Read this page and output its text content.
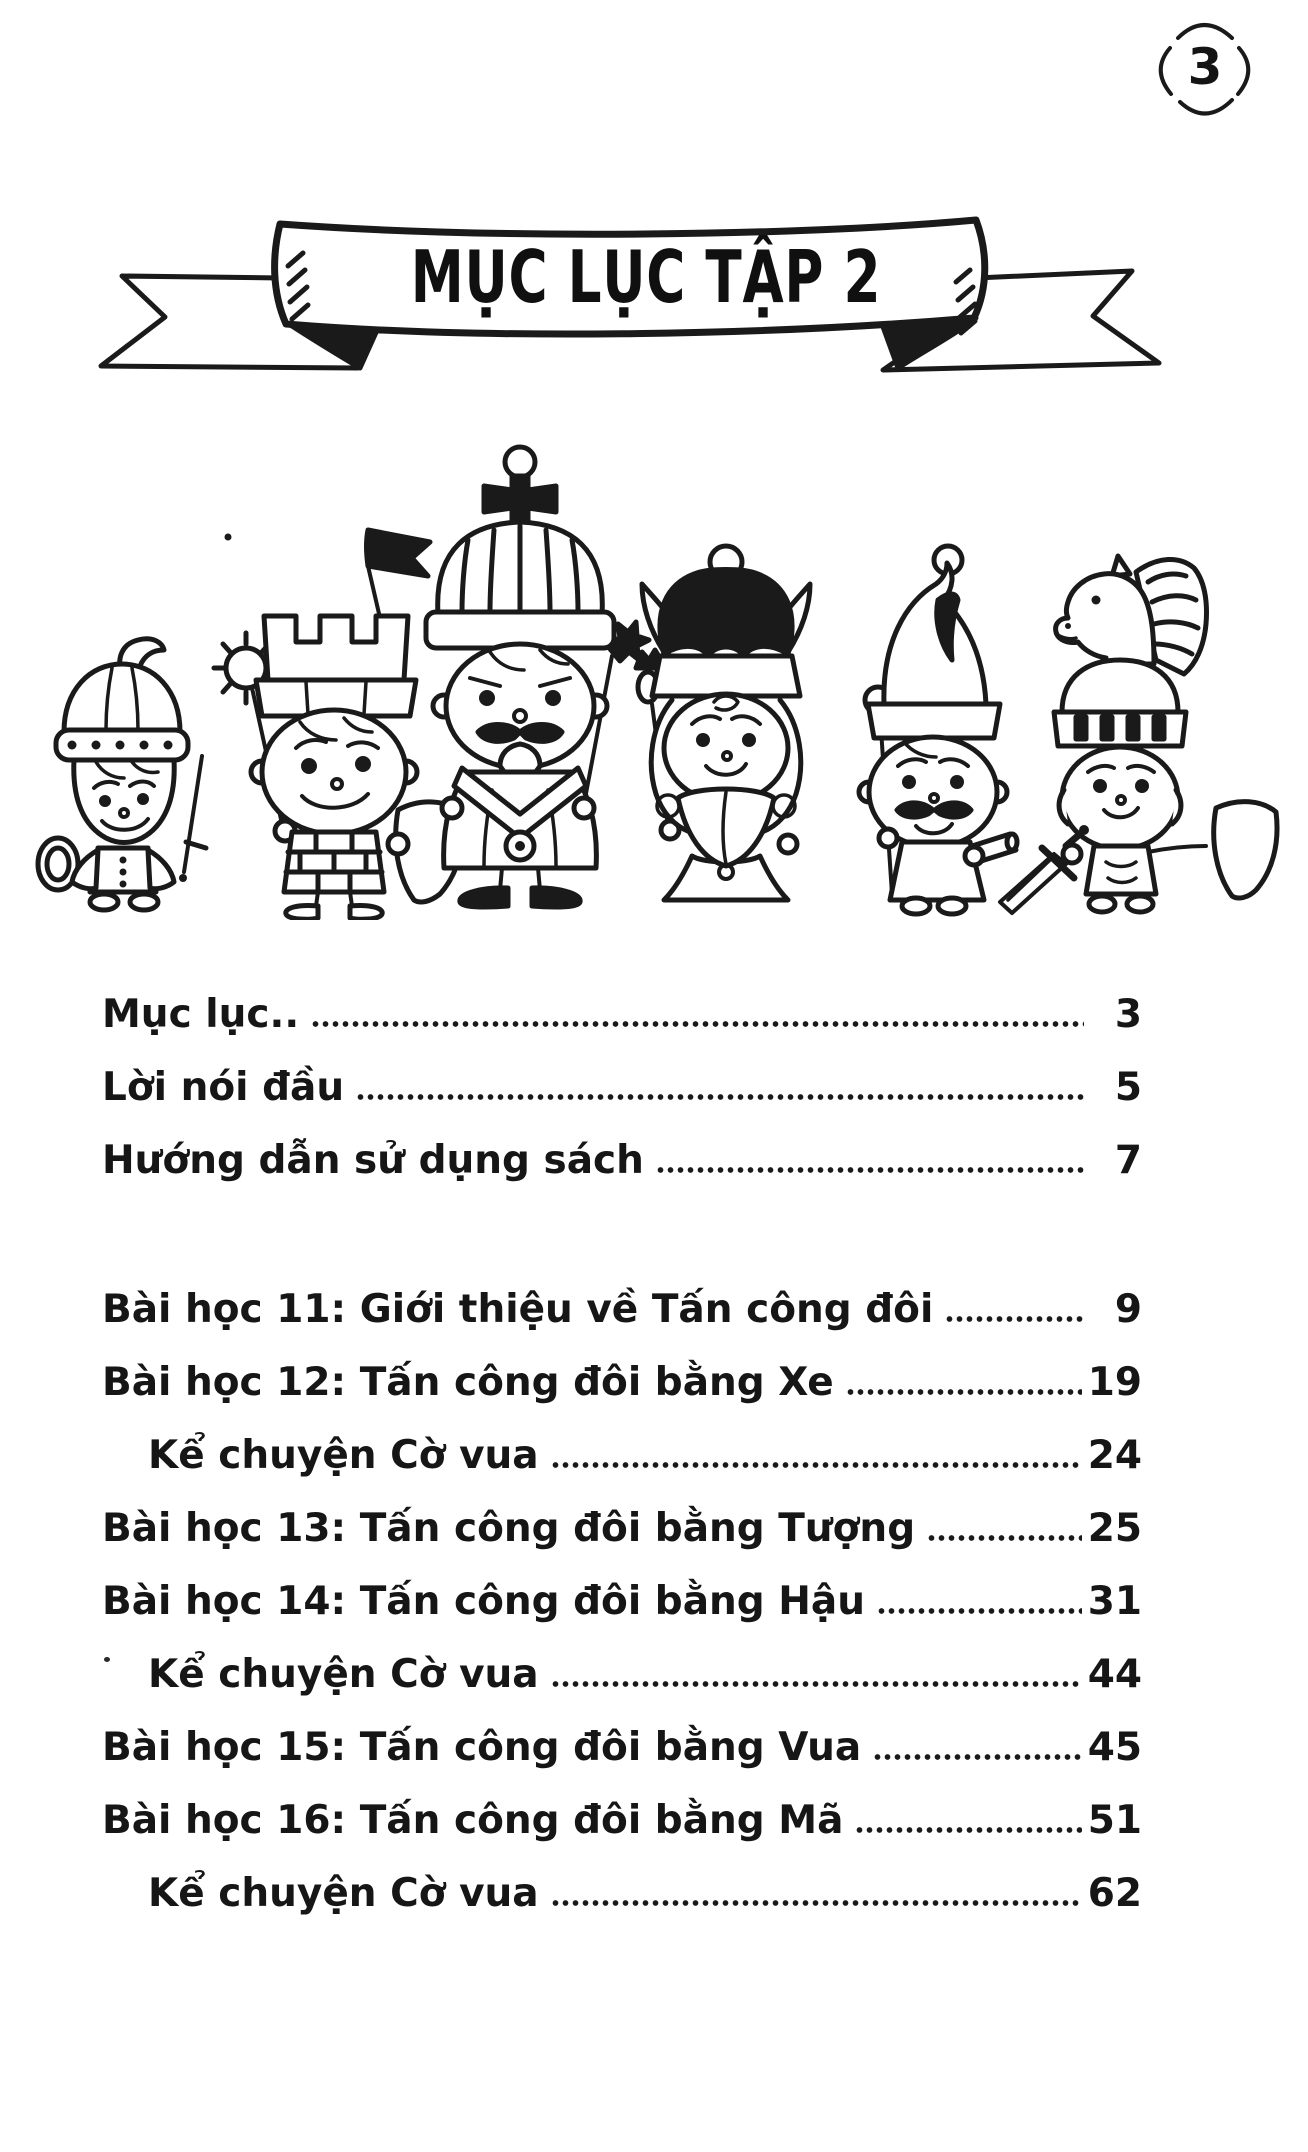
3
MỤC LỤC TẬP 2
Mục lục..	3
Lời nói đầu	5
Hướng dẫn sử dụng sách	7
Bài học 11: Giới thiệu về Tấn công đôi	9
Bài học 12: Tấn công đôi bằng Xe	19
Kể chuyện Cờ vua	24
Bài học 13: Tấn công đôi bằng Tượng	25
Bài học 14: Tấn công đôi bằng Hậu	31
Kể chuyện Cờ vua	44
Bài học 15: Tấn công đôi bằng Vua	45
Bài học 16: Tấn công đôi bằng Mã	51
Kể chuyện Cờ vua	62
